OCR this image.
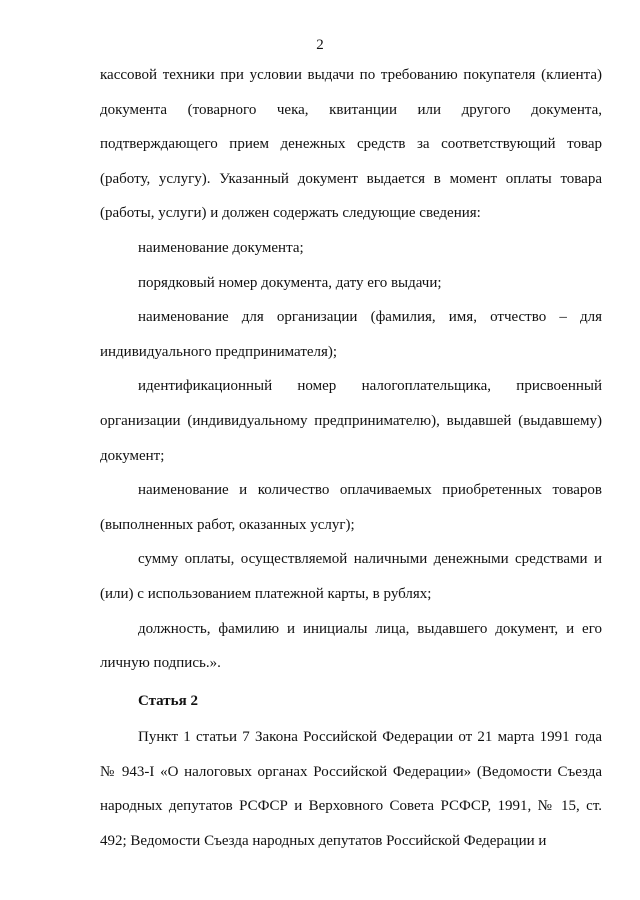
2

кассовой техники при условии выдачи по требованию покупателя (клиента) документа (товарного чека, квитанции или другого документа, подтверждающего прием денежных средств за соответствующий товар (работу, услугу). Указанный документ выдается в момент оплаты товара (работы, услуги) и должен содержать следующие сведения:

наименование документа;

порядковый номер документа, дату его выдачи;

наименование для организации (фамилия, имя, отчество – для индивидуального предпринимателя);

идентификационный номер налогоплательщика, присвоенный организации (индивидуальному предпринимателю), выдавшей (выдавшему) документ;

наименование и количество оплачиваемых приобретенных товаров (выполненных работ, оказанных услуг);

сумму оплаты, осуществляемой наличными денежными средствами и (или) с использованием платежной карты, в рублях;

должность, фамилию и инициалы лица, выдавшего документ, и его личную подпись.».

Статья 2

Пункт 1 статьи 7 Закона Российской Федерации от 21 марта 1991 года № 943-I «О налоговых органах Российской Федерации» (Ведомости Съезда народных депутатов РСФСР и Верховного Совета РСФСР, 1991, № 15, ст. 492; Ведомости Съезда народных депутатов Российской Федерации и
